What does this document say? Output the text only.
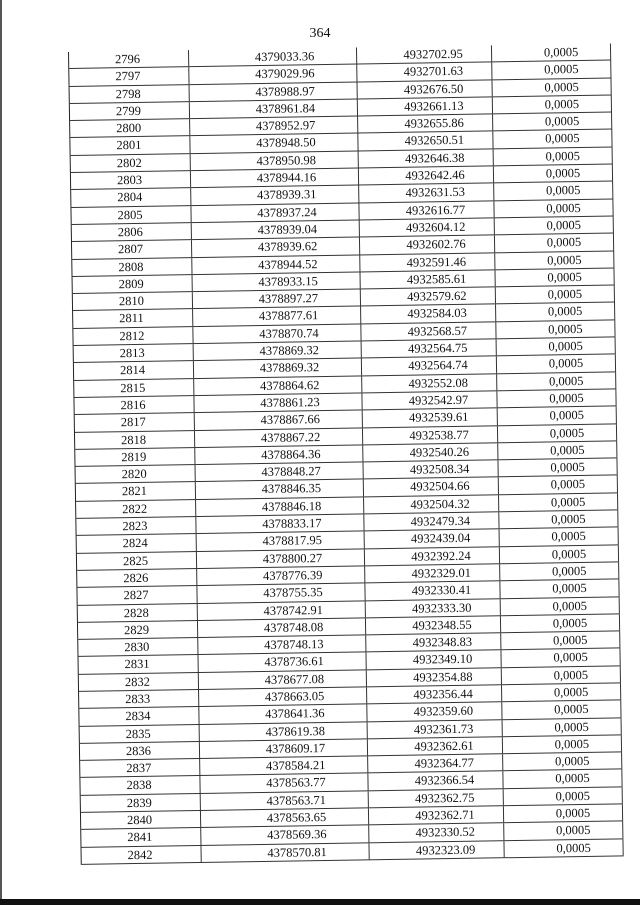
364
2796	4379033.36	4932702.95	0,0005
2797	4379029.96	4932701.63	0,0005
2798	4378988.97	4932676.50	0,0005
2799	4378961.84	4932661.13	0,0005
2800	4378952.97	4932655.86	0,0005
2801	4378948.50	4932650.51	0,0005
2802	4378950.98	4932646.38	0,0005
2803	4378944.16	4932642.46	0,0005
2804	4378939.31	4932631.53	0,0005
2805	4378937.24	4932616.77	0,0005
2806	4378939.04	4932604.12	0,0005
2807	4378939.62	4932602.76	0,0005
2808	4378944.52	4932591.46	0,0005
2809	4378933.15	4932585.61	0,0005
2810	4378897.27	4932579.62	0,0005
2811	4378877.61	4932584.03	0,0005
2812	4378870.74	4932568.57	0,0005
2813	4378869.32	4932564.75	0,0005
2814	4378869.32	4932564.74	0,0005
2815	4378864.62	4932552.08	0,0005
2816	4378861.23	4932542.97	0,0005
2817	4378867.66	4932539.61	0,0005
2818	4378867.22	4932538.77	0,0005
2819	4378864.36	4932540.26	0,0005
2820	4378848.27	4932508.34	0,0005
2821	4378846.35	4932504.66	0,0005
2822	4378846.18	4932504.32	0,0005
2823	4378833.17	4932479.34	0,0005
2824	4378817.95	4932439.04	0,0005
2825	4378800.27	4932392.24	0,0005
2826	4378776.39	4932329.01	0,0005
2827	4378755.35	4932330.41	0,0005
2828	4378742.91	4932333.30	0,0005
2829	4378748.08	4932348.55	0,0005
2830	4378748.13	4932348.83	0,0005
2831	4378736.61	4932349.10	0,0005
2832	4378677.08	4932354.88	0,0005
2833	4378663.05	4932356.44	0,0005
2834	4378641.36	4932359.60	0,0005
2835	4378619.38	4932361.73	0,0005
2836	4378609.17	4932362.61	0,0005
2837	4378584.21	4932364.77	0,0005
2838	4378563.77	4932366.54	0,0005
2839	4378563.71	4932362.75	0,0005
2840	4378563.65	4932362.71	0,0005
2841	4378569.36	4932330.52	0,0005
2842	4378570.81	4932323.09	0,0005
